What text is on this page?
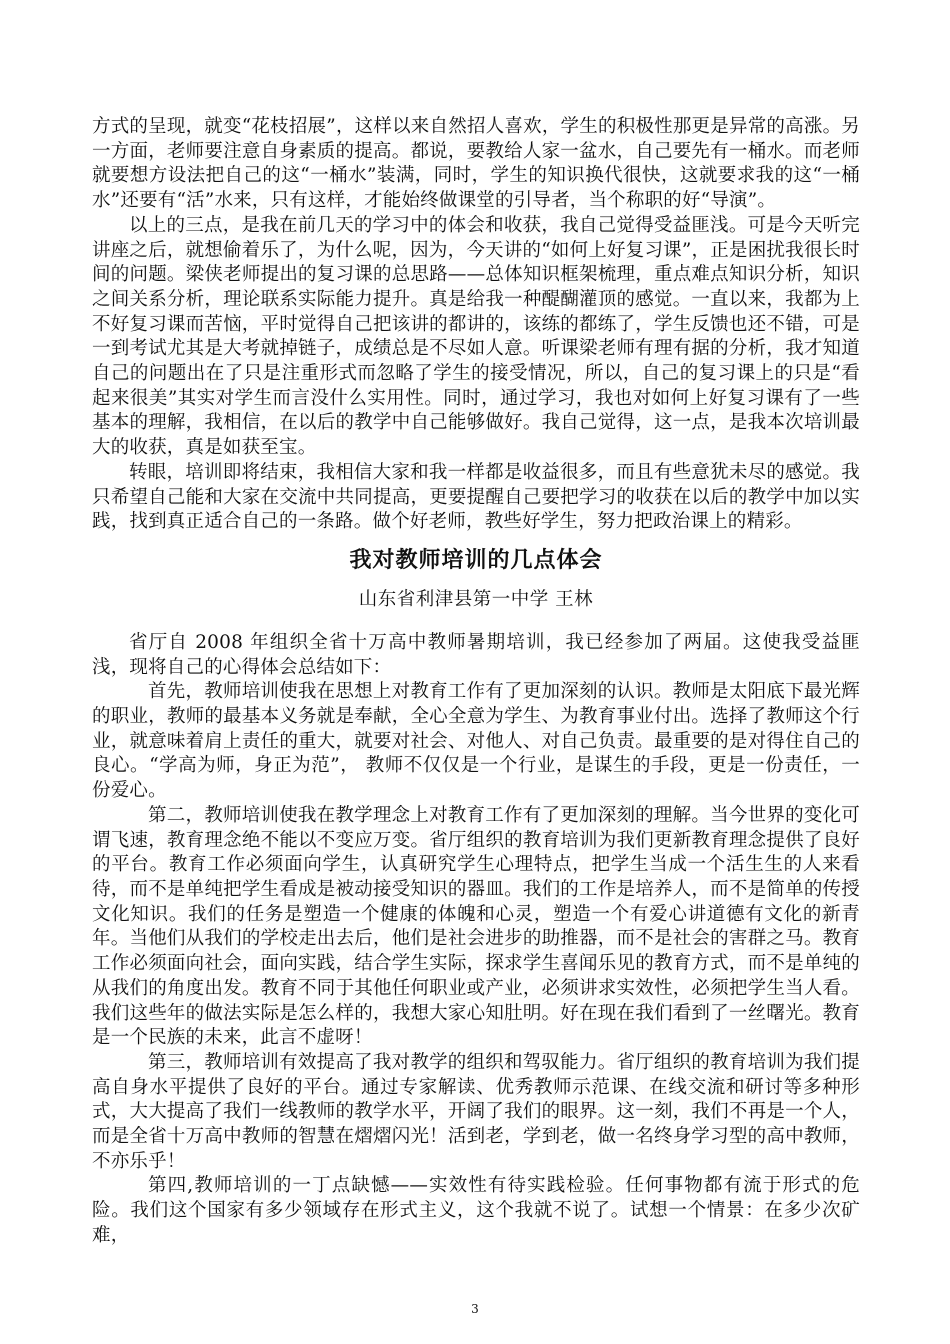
方式的呈现，就变“花枝招展”，这样以来自然招人喜欢，学生的积极性那更是异常的高涨。另一方面，老师要注意自身素质的提高。都说，要教给人家一盆水，自己要先有一桶水。而老师就要想方设法把自己的这“一桶水”装满，同时，学生的知识换代很快，这就要求我的这“一桶水”还要有“活”水来，只有这样，才能始终做课堂的引导者，当个称职的好“导演”。

以上的三点，是我在前几天的学习中的体会和收获，我自己觉得受益匪浅。可是今天听完讲座之后，就想偷着乐了，为什么呢，因为，今天讲的“如何上好复习课”，正是困扰我很长时间的问题。梁侠老师提出的复习课的总思路——总体知识框架梳理，重点难点知识分析，知识之间关系分析，理论联系实际能力提升。真是给我一种醍醐灌顶的感觉。一直以来，我都为上不好复习课而苦恼，平时觉得自己把该讲的都讲的，该练的都练了，学生反馈也还不错，可是一到考试尤其是大考就掉链子，成绩总是不尽如人意。听课梁老师有理有据的分析，我才知道自己的问题出在了只是注重形式而忽略了学生的接受情况，所以，自己的复习课上的只是“看起来很美”其实对学生而言没什么实用性。同时，通过学习，我也对如何上好复习课有了一些基本的理解，我相信，在以后的教学中自己能够做好。我自己觉得，这一点，是我本次培训最大的收获，真是如获至宝。

转眼，培训即将结束，我相信大家和我一样都是收益很多，而且有些意犹未尽的感觉。我只希望自己能和大家在交流中共同提高，更要提醒自己要把学习的收获在以后的教学中加以实践，找到真正适合自己的一条路。做个好老师，教些好学生，努力把政治课上的精彩。

我对教师培训的几点体会
山东省利津县第一中学 王林

省厅自 2008 年组织全省十万高中教师暑期培训，我已经参加了两届。这使我受益匪浅，现将自己的心得体会总结如下：

首先，教师培训使我在思想上对教育工作有了更加深刻的认识。教师是太阳底下最光辉的职业，教师的最基本义务就是奉献，全心全意为学生、为教育事业付出。选择了教师这个行业，就意味着肩上责任的重大，就要对社会、对他人、对自己负责。最重要的是对得住自己的良心。“学高为师，身正为范”， 教师不仅仅是一个行业，是谋生的手段，更是一份责任，一份爱心。

第二，教师培训使我在教学理念上对教育工作有了更加深刻的理解。当今世界的变化可谓飞速，教育理念绝不能以不变应万变。省厅组织的教育培训为我们更新教育理念提供了良好的平台。教育工作必须面向学生，认真研究学生心理特点，把学生当成一个活生生的人来看待，而不是单纯把学生看成是被动接受知识的器皿。我们的工作是培养人，而不是简单的传授文化知识。我们的任务是塑造一个健康的体魄和心灵，塑造一个有爱心讲道德有文化的新青年。当他们从我们的学校走出去后，他们是社会进步的助推器，而不是社会的害群之马。教育工作必须面向社会，面向实践，结合学生实际，探求学生喜闻乐见的教育方式，而不是单纯的从我们的角度出发。教育不同于其他任何职业或产业，必须讲求实效性，必须把学生当人看。我们这些年的做法实际是怎么样的，我想大家心知肚明。好在现在我们看到了一丝曙光。教育是一个民族的未来，此言不虚呀！

第三，教师培训有效提高了我对教学的组织和驾驭能力。省厅组织的教育培训为我们提高自身水平提供了良好的平台。通过专家解读、优秀教师示范课、在线交流和研讨等多种形式，大大提高了我们一线教师的教学水平，开阔了我们的眼界。这一刻，我们不再是一个人，而是全省十万高中教师的智慧在熠熠闪光！活到老，学到老，做一名终身学习型的高中教师，不亦乐乎！

第四,教师培训的一丁点缺憾——实效性有待实践检验。任何事物都有流于形式的危险。我们这个国家有多少领域存在形式主义，这个我就不说了。试想一个情景：在多少次矿难，

3
